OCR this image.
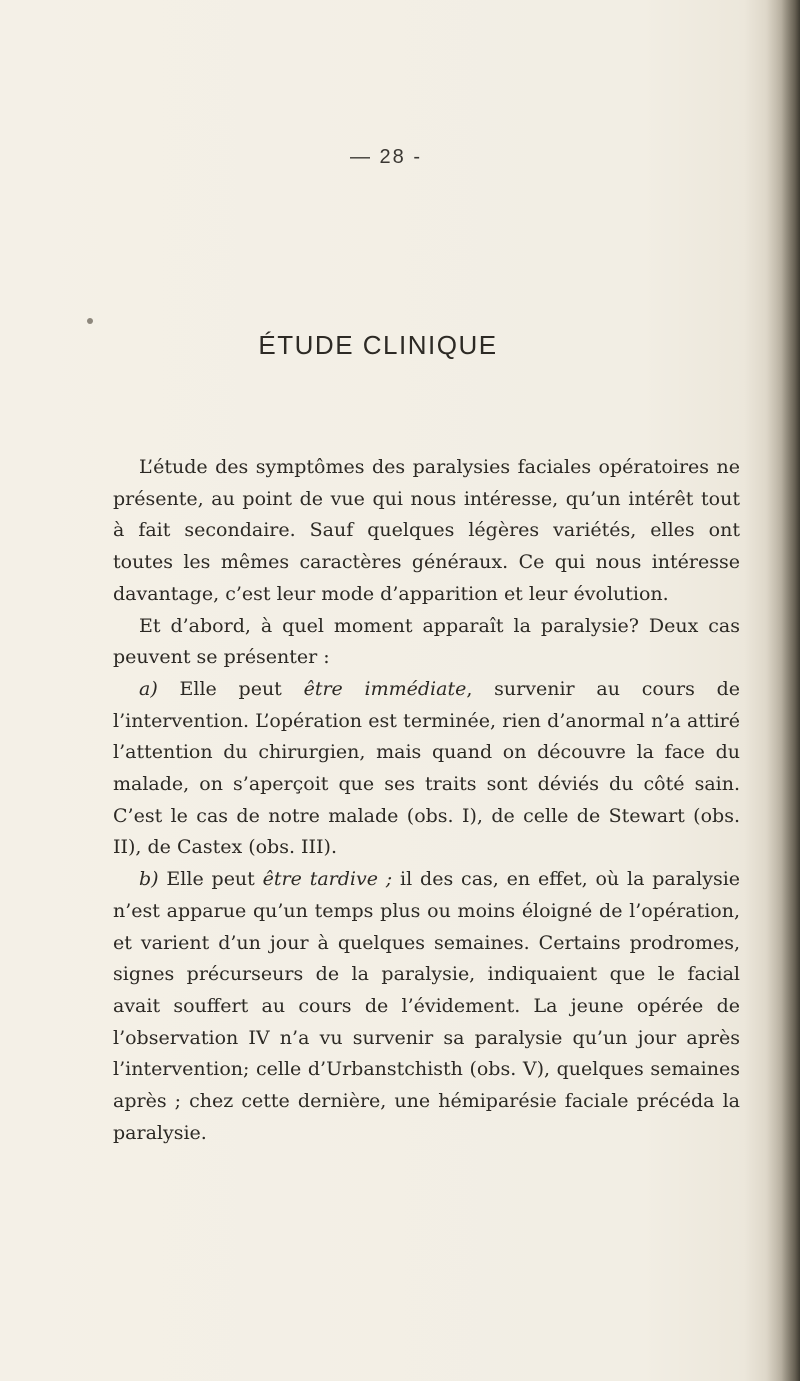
— 28 -
ÉTUDE CLINIQUE

L’étude des symptômes des paralysies faciales opératoires ne présente, au point de vue qui nous intéresse, qu’un intérêt tout à fait secondaire. Sauf quelques légères variétés, elles ont toutes les mêmes caractères généraux. Ce qui nous intéresse davantage, c’est leur mode d’apparition et leur évolution.

Et d’abord, à quel moment apparaît la paralysie? Deux cas peuvent se présenter :

a) Elle peut être immédiate, survenir au cours de l’intervention. L’opération est terminée, rien d’anormal n’a attiré l’attention du chirurgien, mais quand on découvre la face du malade, on s’aperçoit que ses traits sont déviés du côté sain. C’est le cas de notre malade (obs. I), de celle de Stewart (obs. II), de Castex (obs. III).

b) Elle peut être tardive ; il des cas, en effet, où la paralysie n’est apparue qu’un temps plus ou moins éloigné de l’opération, et varient d’un jour à quelques semaines. Certains prodromes, signes précurseurs de la paralysie, indiquaient que le facial avait souffert au cours de l’évidement. La jeune opérée de l’observation IV n’a vu survenir sa paralysie qu’un jour après l’intervention; celle d’Urbanstchisth (obs. V), quelques semaines après ; chez cette dernière, une hémiparésie faciale précéda la paralysie.
